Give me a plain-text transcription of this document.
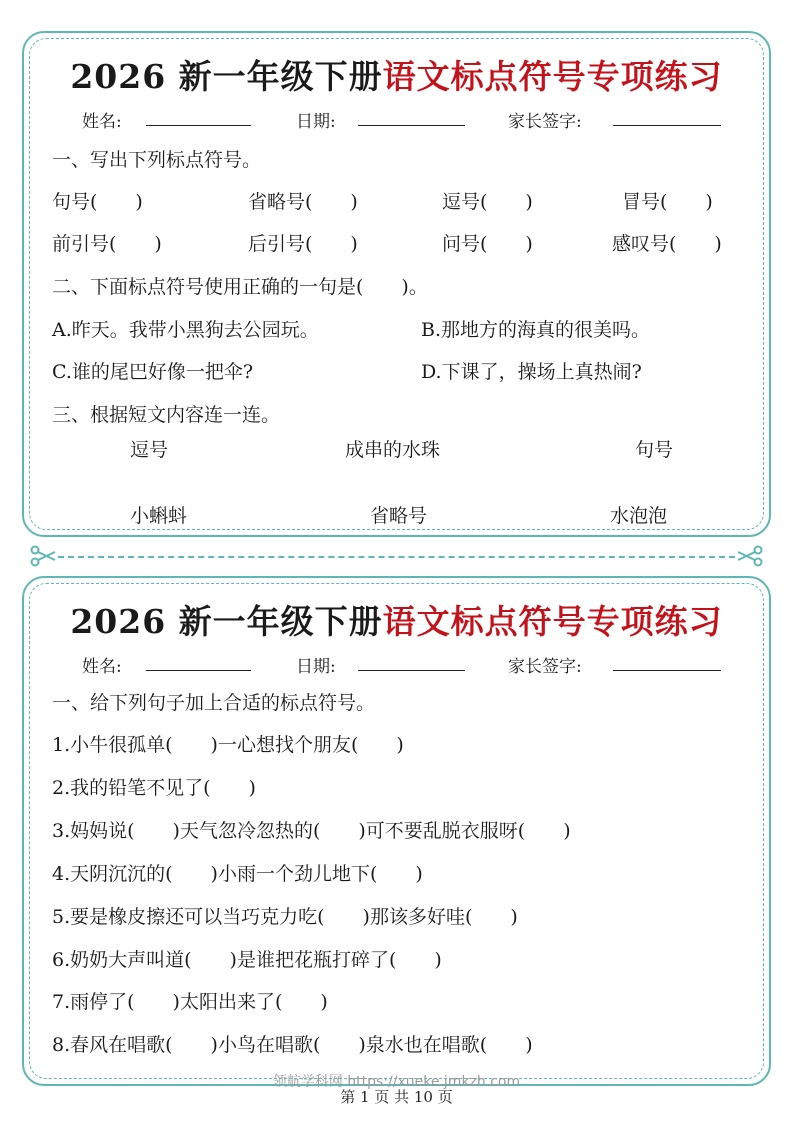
2026 新一年级下册语文标点符号专项练习
姓名:	日期:	家长签字:
一、写出下列标点符号。
句号(　　)	省略号(　　)	逗号(　　)	冒号(　　)
前引号(　　)	后引号(　　)	问号(　　)	感叹号(　　)
二、下面标点符号使用正确的一句是(　　)。
A.昨天。我带小黑狗去公园玩。	B.那地方的海真的很美吗。
C.谁的尾巴好像一把伞?	D.下课了，操场上真热闹?
三、根据短文内容连一连。
逗号	成串的水珠	句号
小蝌蚪	省略号	水泡泡
2026 新一年级下册语文标点符号专项练习
姓名:	日期:	家长签字:
一、给下列句子加上合适的标点符号。
1.小牛很孤单(　　)一心想找个朋友(　　)
2.我的铅笔不见了(　　)
3.妈妈说(　　)天气忽冷忽热的(　　)可不要乱脱衣服呀(　　)
4.天阴沉沉的(　　)小雨一个劲儿地下(　　)
5.要是橡皮擦还可以当巧克力吃(　　)那该多好哇(　　)
6.奶奶大声叫道(　　)是谁把花瓶打碎了(　　)
7.雨停了(　　)太阳出来了(　　)
8.春风在唱歌(　　)小鸟在唱歌(　　)泉水也在唱歌(　　)
领航学科网 https://xueke.jmkzh.com
第 1 页 共 10 页
